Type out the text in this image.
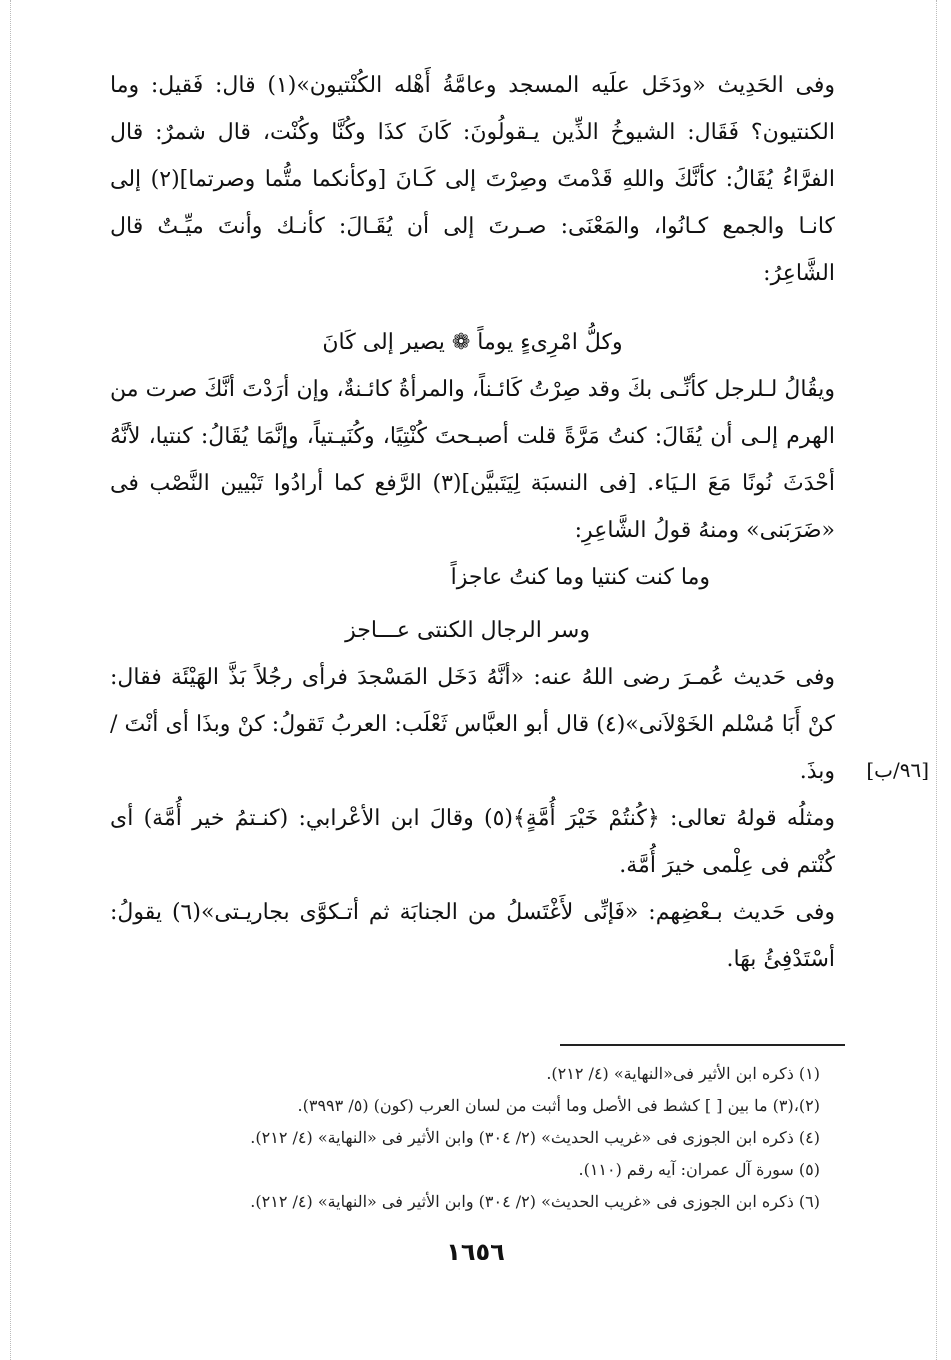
وفى الحَدِيث «ودَخَل علَيه المسجد وعامَّةُ أَهْله الكُنْتيون»(١) قال: فَقيل: وما الكنتيون؟ فَقَال: الشيوخُ الذِّين يـقولُونَ: كَانَ كذَا وكُنَّا وكُنْت، قال شمرٌ: قال الفرَّاءُ يُقَالُ: كأنَّكَ واللهِ قَدْمتَ وصِرْتَ إلى كَـانَ [وكأنكما متُّما وصرتما](٢) إلى كانـا والجمع كـانُوا، والمَعْنَى: صـرتَ إلى أن يُقَـالَ: كأنـك وأنتَ ميِّـتٌ قال الشَّاعِرُ:

وكلُّ امْرِىءٍ يوماً ❁ يصير إلى كَانَ

ويقُالُ لـلرجل كأنِّـى بكَ وقد صِرْتُ كَائـناً، والمرأةُ كائـنةٌ، وإن أرَدْتَ أنَّكَ صرت من الهرم إلـى أن يُقَالَ: كنتُ مَرَّةً قلت أصبـحتَ كُنْتِيًا، وكُنَيـتياً، وإنَّمَا يُقَالُ: كنتيا، لأنَّهُ أحْدَثَ نُونًا مَعَ الـيَاء. [فى النسبَة لِيَتَبيَّن](٣) الرَّفع كما أرادُوا تَبْيين النَّصْب فى «ضَرَبَنى» ومنهُ قولُ الشَّاعِرِ:

وما كنت كنتيا وما كنتُ عاجزاً

وسر الرجال الكنتى عـــاجز

وفى حَديث عُمـرَ رضى اللهُ عنه: «أنَّهُ دَخَل المَسْجدَ فرأى رجُلاً بَذَّ الهَيْئَة فقال: كنْ أَبَا مُسْلم الخَوْلاَنى»(٤) قال أبو العبَّاس ثَعْلَب: العربُ تَقولُ: كنْ وبذَا أى أنْتَ / وبذَ.

ومثلُه قولهُ تعالى: ﴿كُنتُمْ خَيْرَ أُمَّةٍ﴾(٥) وقالَ ابن الأعْرابي: (كنـتمُ خير أُمَّة) أى كُنْتم فى عِلْمى خيرَ أُمَّة.

وفى حَديث بـعْضِهم: «فَإنِّى لأَغْتَسلُ من الجنابَة ثم أتـكوَّى بجاريـتى»(٦) يقولُ: أسْتَدْفِئُ بهَا.

[٩٦/ب]
(١) ذكره ابن الأثير فى«النهاية» (٤/ ٢١٢).
(٢)،(٣) ما بين [ ] كشط فى الأصل وما أثبت من لسان العرب (كون) (٥/ ٣٩٩٣).
(٤) ذكره ابن الجوزى فى «غريب الحديث» (٢/ ٣٠٤) وابن الأثير فى «النهاية» (٤/ ٢١٢).
(٥) سورة آل عمران: آيه رقم (١١٠).
(٦) ذكره ابن الجوزى فى «غريب الحديث» (٢/ ٣٠٤) وابن الأثير فى «النهاية» (٤/ ٢١٢).
١٦٥٦
